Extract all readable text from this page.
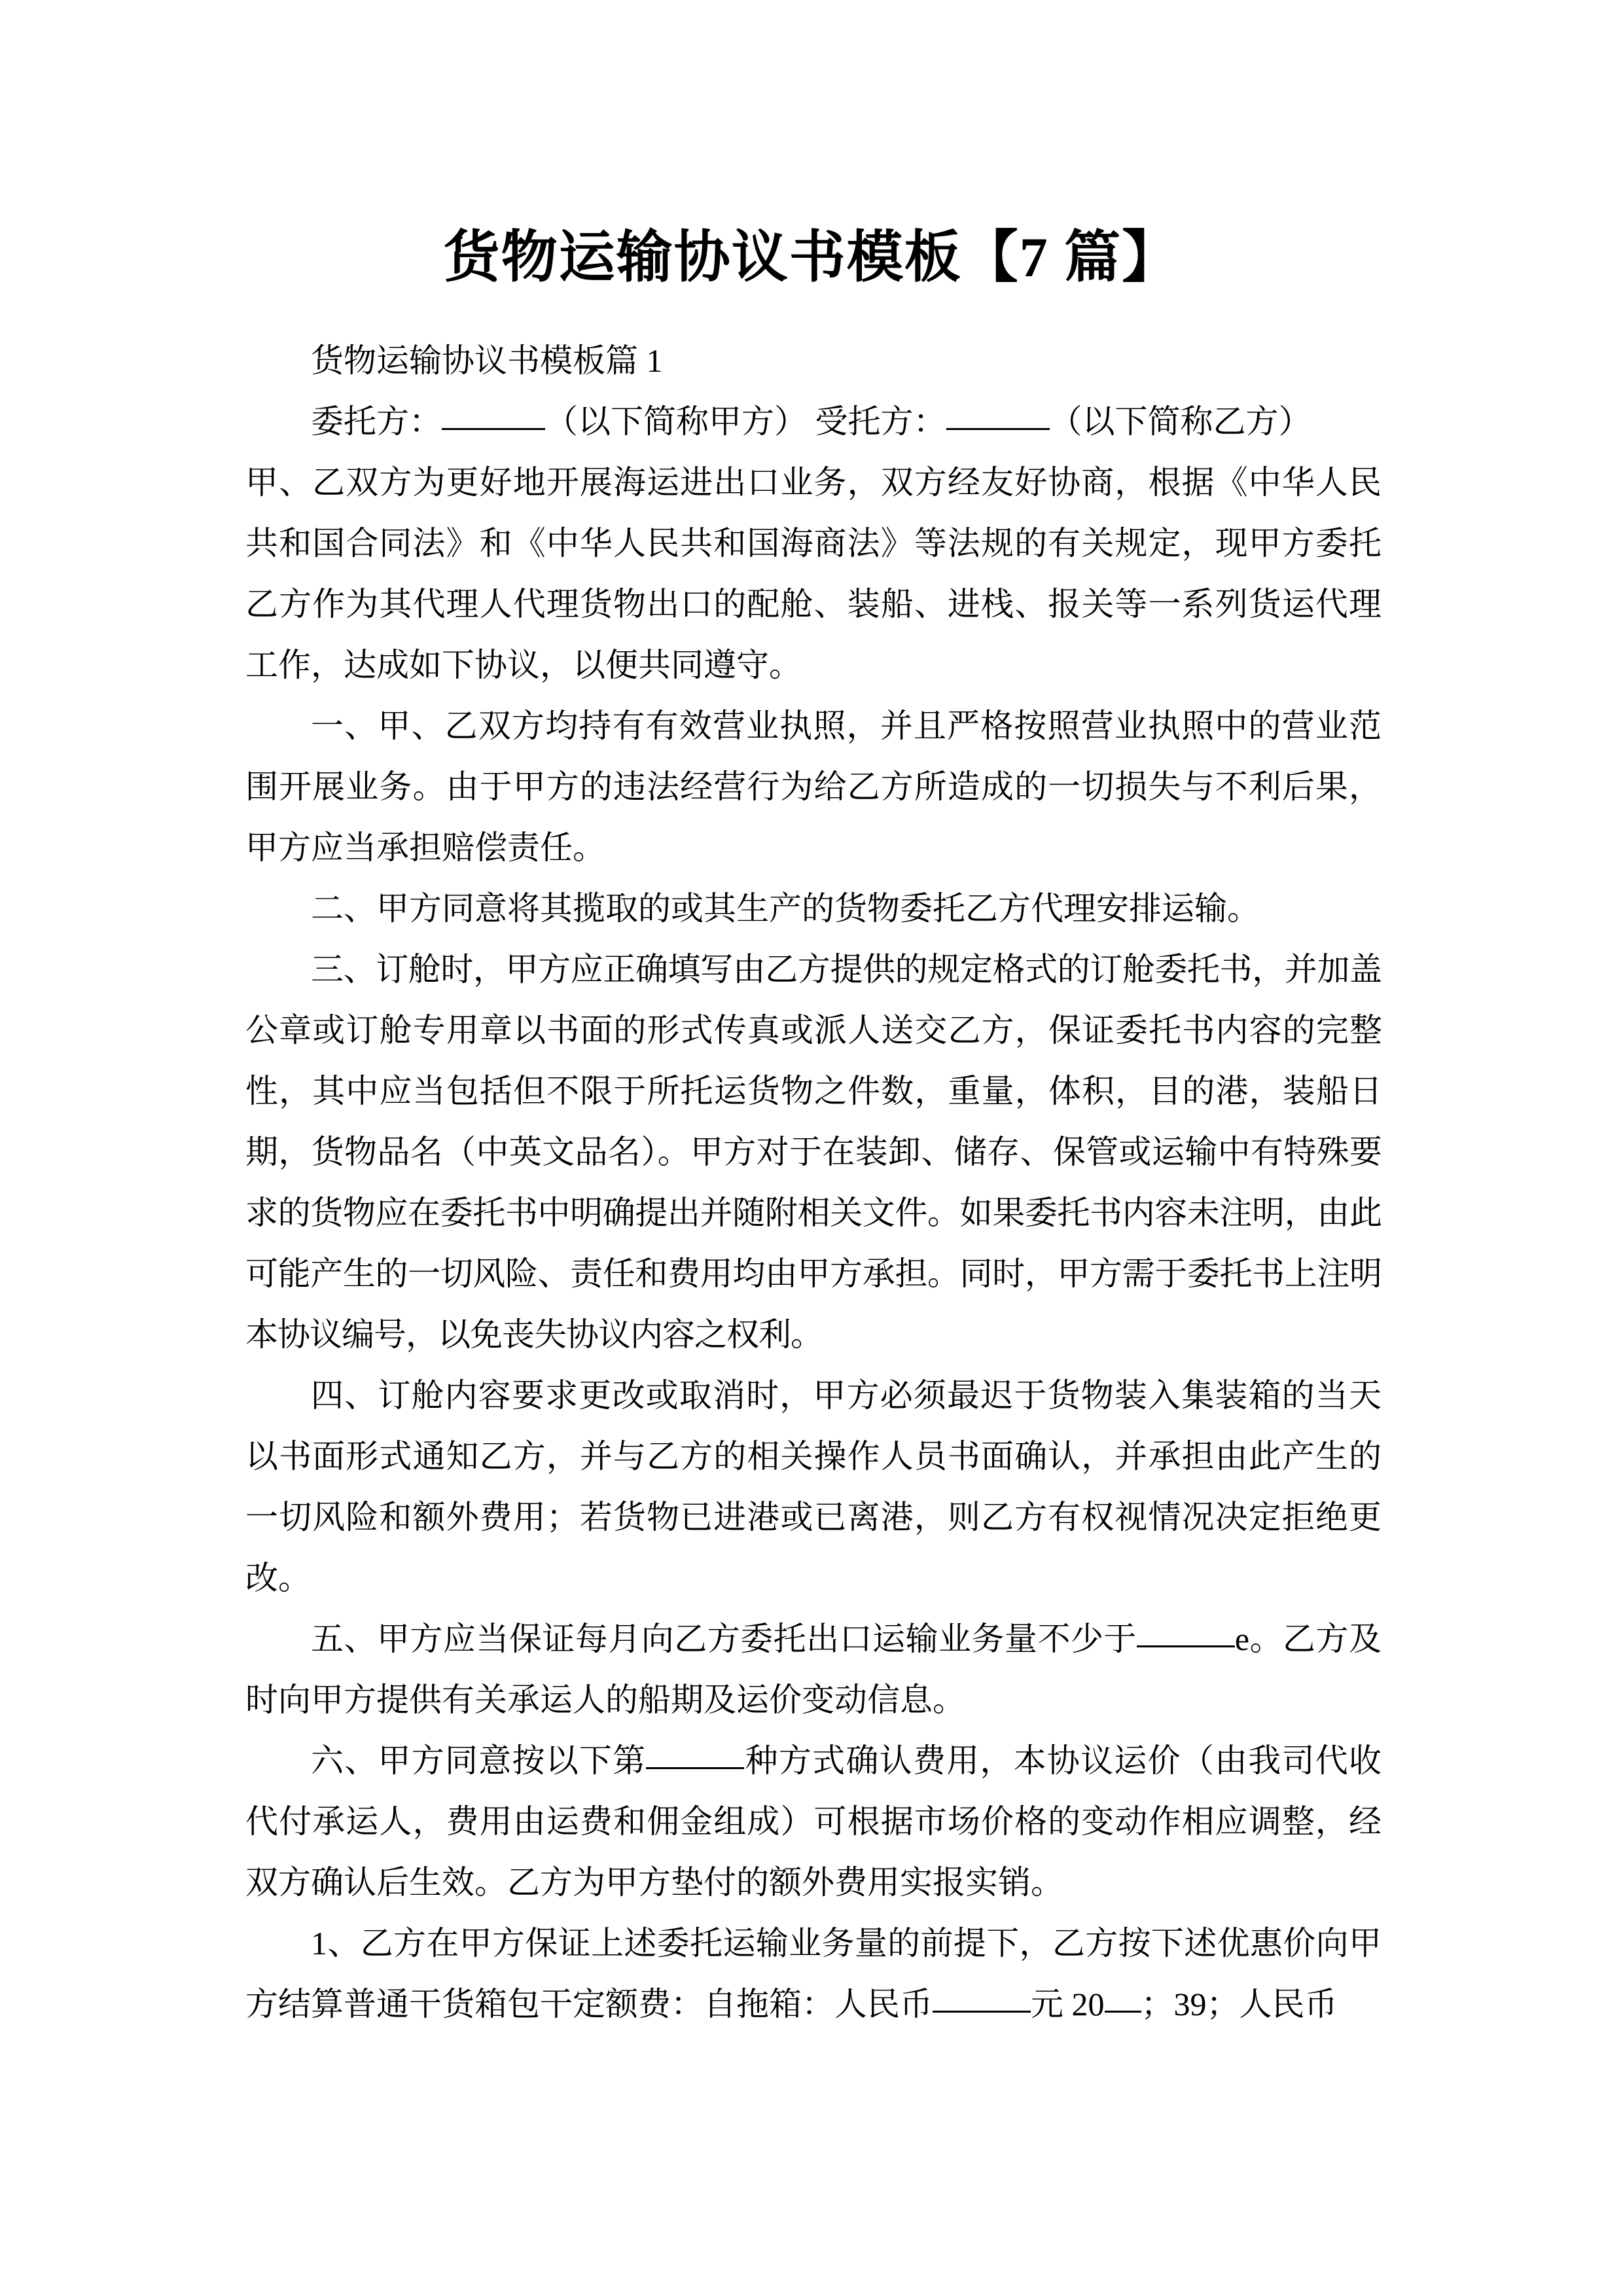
货物运输协议书模板【7 篇】

货物运输协议书模板篇 1

委托方：	（以下简称甲方） 受托方：	（以下简称乙方）

甲、乙双方为更好地开展海运进出口业务，双方经友好协商，根据《中华人民共和国合同法》和《中华人民共和国海商法》等法规的有关规定，现甲方委托乙方作为其代理人代理货物出口的配舱、装船、进栈、报关等一系列货运代理工作，达成如下协议，以便共同遵守。

一、甲、乙双方均持有有效营业执照，并且严格按照营业执照中的营业范围开展业务。由于甲方的违法经营行为给乙方所造成的一切损失与不利后果，甲方应当承担赔偿责任。

二、甲方同意将其揽取的或其生产的货物委托乙方代理安排运输。

三、订舱时，甲方应正确填写由乙方提供的规定格式的订舱委托书，并加盖公章或订舱专用章以书面的形式传真或派人送交乙方，保证委托书内容的完整性，其中应当包括但不限于所托运货物之件数，重量，体积，目的港，装船日期，货物品名（中英文品名）。甲方对于在装卸、储存、保管或运输中有特殊要求的货物应在委托书中明确提出并随附相关文件。如果委托书内容未注明，由此可能产生的一切风险、责任和费用均由甲方承担。同时，甲方需于委托书上注明本协议编号，以免丧失协议内容之权利。

四、订舱内容要求更改或取消时，甲方必须最迟于货物装入集装箱的当天以书面形式通知乙方，并与乙方的相关操作人员书面确认，并承担由此产生的一切风险和额外费用；若货物已进港或已离港，则乙方有权视情况决定拒绝更改。

五、甲方应当保证每月向乙方委托出口运输业务量不少于	e。乙方及时向甲方提供有关承运人的船期及运价变动信息。

六、甲方同意按以下第	种方式确认费用，本协议运价（由我司代收代付承运人，费用由运费和佣金组成）可根据市场价格的变动作相应调整，经双方确认后生效。乙方为甲方垫付的额外费用实报实销。

1、乙方在甲方保证上述委托运输业务量的前提下，乙方按下述优惠价向甲方结算普通干货箱包干定额费：自拖箱：人民币	元 20 ；39；人民币
